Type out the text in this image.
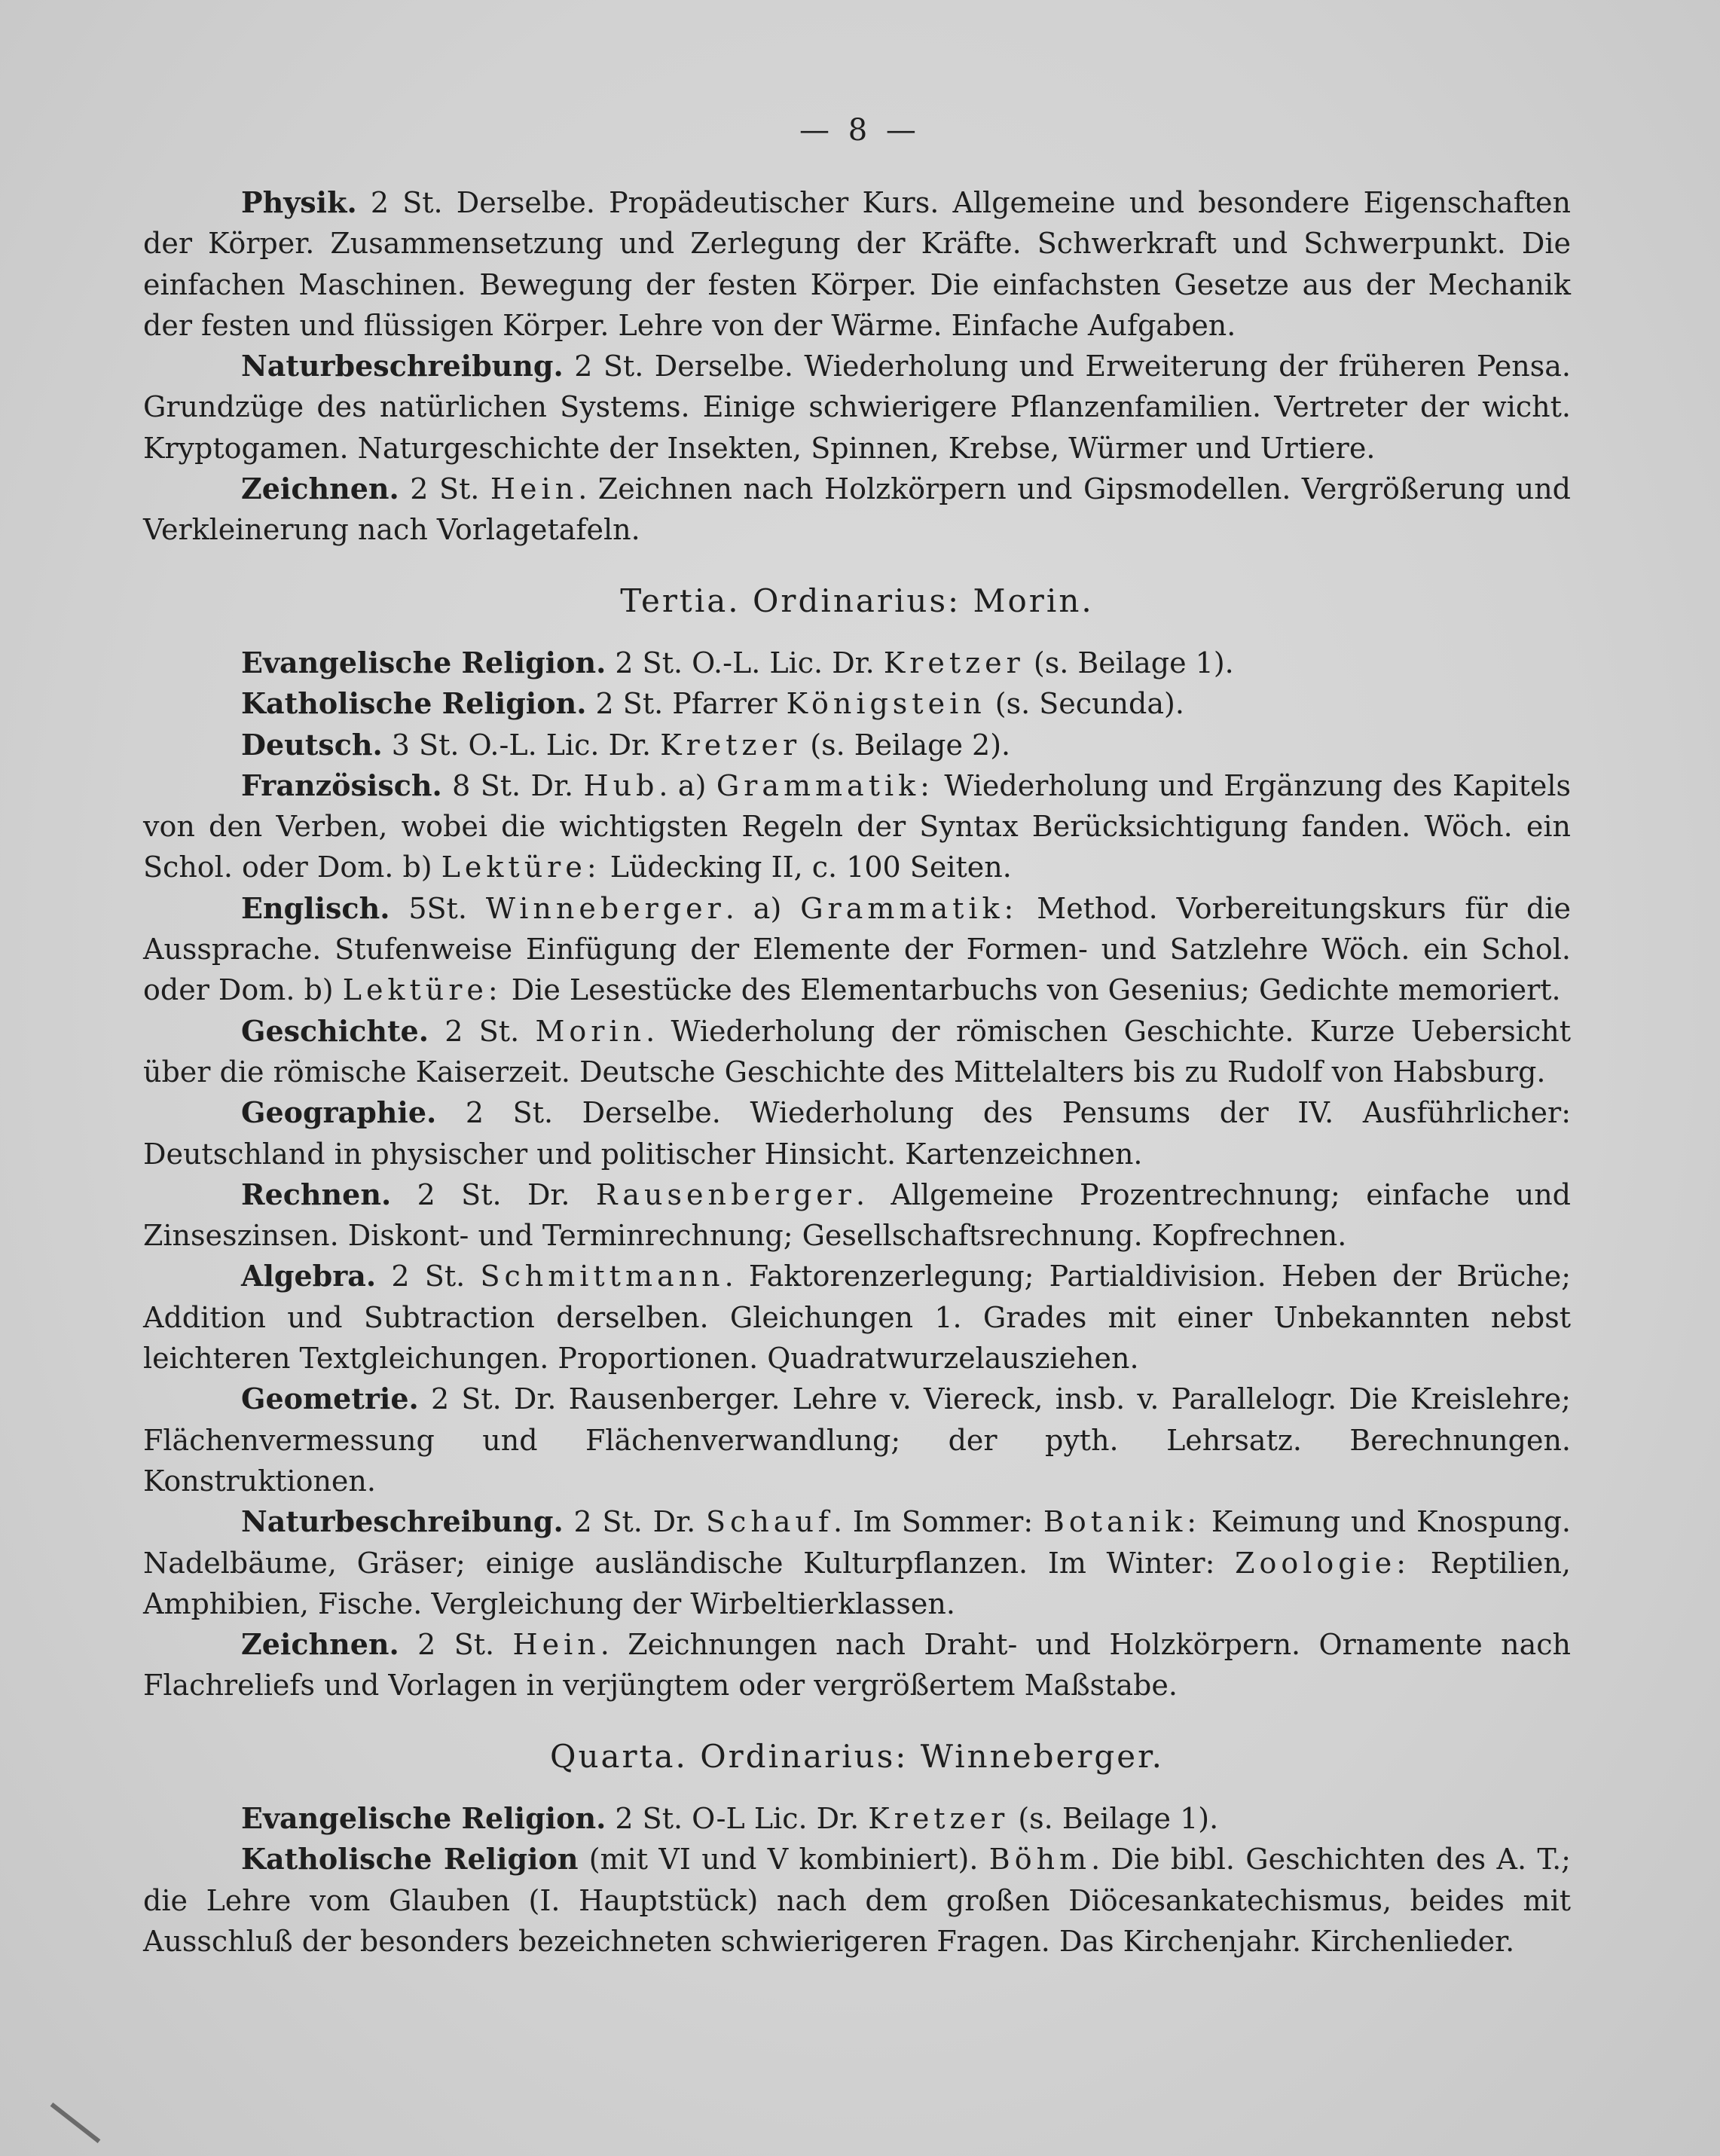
— 8 —

Physik. 2 St. Derselbe. Propädeutischer Kurs. Allgemeine und besondere Eigenschaften der Körper. Zusammensetzung und Zerlegung der Kräfte. Schwerkraft und Schwerpunkt. Die einfachen Maschinen. Bewegung der festen Körper. Die einfachsten Gesetze aus der Mechanik der festen und flüssigen Körper. Lehre von der Wärme. Einfache Aufgaben.

Naturbeschreibung. 2 St. Derselbe. Wiederholung und Erweiterung der früheren Pensa. Grundzüge des natürlichen Systems. Einige schwierigere Pflanzenfamilien. Vertreter der wicht. Kryptogamen. Naturgeschichte der Insekten, Spinnen, Krebse, Würmer und Urtiere.

Zeichnen. 2 St. Hein. Zeichnen nach Holzkörpern und Gipsmodellen. Vergrößerung und Verkleinerung nach Vorlagetafeln.

Tertia. Ordinarius: Morin.

Evangelische Religion. 2 St. O.-L. Lic. Dr. Kretzer (s. Beilage 1).

Katholische Religion. 2 St. Pfarrer Königstein (s. Secunda).

Deutsch. 3 St. O.-L. Lic. Dr. Kretzer (s. Beilage 2).

Französisch. 8 St. Dr. Hub. a) Grammatik: Wiederholung und Ergänzung des Kapitels von den Verben, wobei die wichtigsten Regeln der Syntax Berücksichtigung fanden. Wöch. ein Schol. oder Dom. b) Lektüre: Lüdecking II, c. 100 Seiten.

Englisch. 5St. Winneberger. a) Grammatik: Method. Vorbereitungskurs für die Aussprache. Stufenweise Einfügung der Elemente der Formen- und Satzlehre Wöch. ein Schol. oder Dom. b) Lektüre: Die Lesestücke des Elementarbuchs von Gesenius; Gedichte memoriert.

Geschichte. 2 St. Morin. Wiederholung der römischen Geschichte. Kurze Uebersicht über die römische Kaiserzeit. Deutsche Geschichte des Mittelalters bis zu Rudolf von Habsburg.

Geographie. 2 St. Derselbe. Wiederholung des Pensums der IV. Ausführlicher: Deutschland in physischer und politischer Hinsicht. Kartenzeichnen.

Rechnen. 2 St. Dr. Rausenberger. Allgemeine Prozentrechnung; einfache und Zinseszinsen. Diskont- und Terminrechnung; Gesellschaftsrechnung. Kopfrechnen.

Algebra. 2 St. Schmittmann. Faktorenzerlegung; Partialdivision. Heben der Brüche; Addition und Subtraction derselben. Gleichungen 1. Grades mit einer Unbekannten nebst leichteren Textgleichungen. Proportionen. Quadratwurzelausziehen.

Geometrie. 2 St. Dr. Rausenberger. Lehre v. Viereck, insb. v. Parallelogr. Die Kreislehre; Flächenvermessung und Flächenverwandlung; der pyth. Lehrsatz. Berechnungen. Konstruktionen.

Naturbeschreibung. 2 St. Dr. Schauf. Im Sommer: Botanik: Keimung und Knospung. Nadelbäume, Gräser; einige ausländische Kulturpflanzen. Im Winter: Zoologie: Reptilien, Amphibien, Fische. Vergleichung der Wirbeltierklassen.

Zeichnen. 2 St. Hein. Zeichnungen nach Draht- und Holzkörpern. Ornamente nach Flachreliefs und Vorlagen in verjüngtem oder vergrößertem Maßstabe.

Quarta. Ordinarius: Winneberger.

Evangelische Religion. 2 St. O-L Lic. Dr. Kretzer (s. Beilage 1).

Katholische Religion (mit VI und V kombiniert). Böhm. Die bibl. Geschichten des A. T.; die Lehre vom Glauben (I. Hauptstück) nach dem großen Diöcesankatechismus, beides mit Ausschluß der besonders bezeichneten schwierigeren Fragen. Das Kirchenjahr. Kirchenlieder.
